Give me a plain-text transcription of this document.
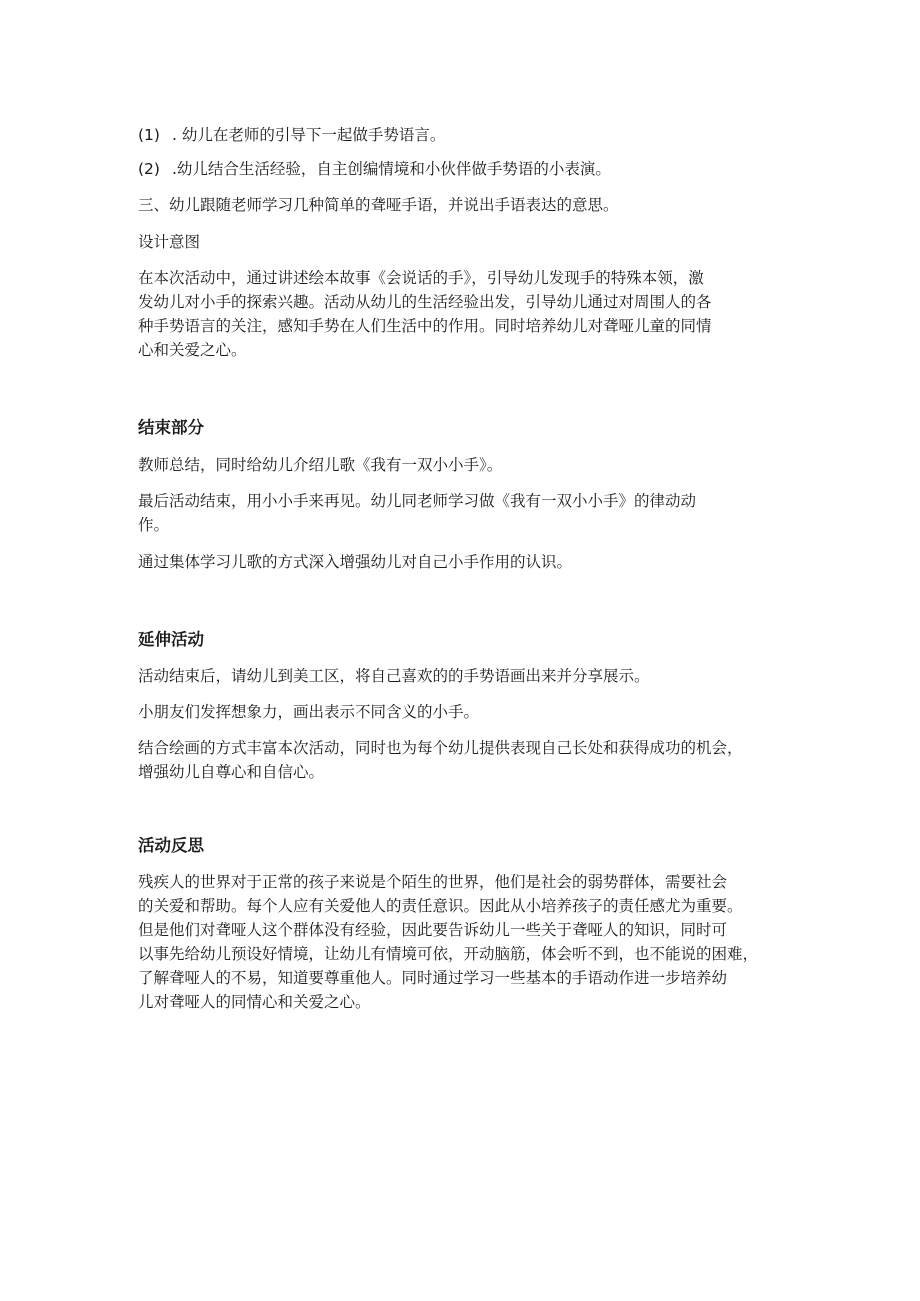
(1) . 幼儿在老师的引导下一起做手势语言。

(2) .幼儿结合生活经验，自主创编情境和小伙伴做手势语的小表演。

三、幼儿跟随老师学习几种简单的聋哑手语，并说出手语表达的意思。

设计意图

在本次活动中，通过讲述绘本故事《会说话的手》，引导幼儿发现手的特殊本领，激

发幼儿对小手的探索兴趣。活动从幼儿的生活经验出发，引导幼儿通过对周围人的各

种手势语言的关注，感知手势在人们生活中的作用。同时培养幼儿对聋哑儿童的同情

心和关爱之心。

结束部分

教师总结，同时给幼儿介绍儿歌《我有一双小小手》。

最后活动结束，用小小手来再见。幼儿同老师学习做《我有一双小小手》的律动动

作。

通过集体学习儿歌的方式深入增强幼儿对自己小手作用的认识。

延伸活动

活动结束后，请幼儿到美工区，将自己喜欢的的手势语画出来并分享展示。

小朋友们发挥想象力，画出表示不同含义的小手。

结合绘画的方式丰富本次活动，同时也为每个幼儿提供表现自己长处和获得成功的机会，

增强幼儿自尊心和自信心。

活动反思

残疾人的世界对于正常的孩子来说是个陌生的世界，他们是社会的弱势群体，需要社会

的关爱和帮助。每个人应有关爱他人的责任意识。因此从小培养孩子的责任感尤为重要。

但是他们对聋哑人这个群体没有经验，因此要告诉幼儿一些关于聋哑人的知识，同时可

以事先给幼儿预设好情境，让幼儿有情境可依，开动脑筋，体会听不到，也不能说的困难，

了解聋哑人的不易，知道要尊重他人。同时通过学习一些基本的手语动作进一步培养幼

儿对聋哑人的同情心和关爱之心。
